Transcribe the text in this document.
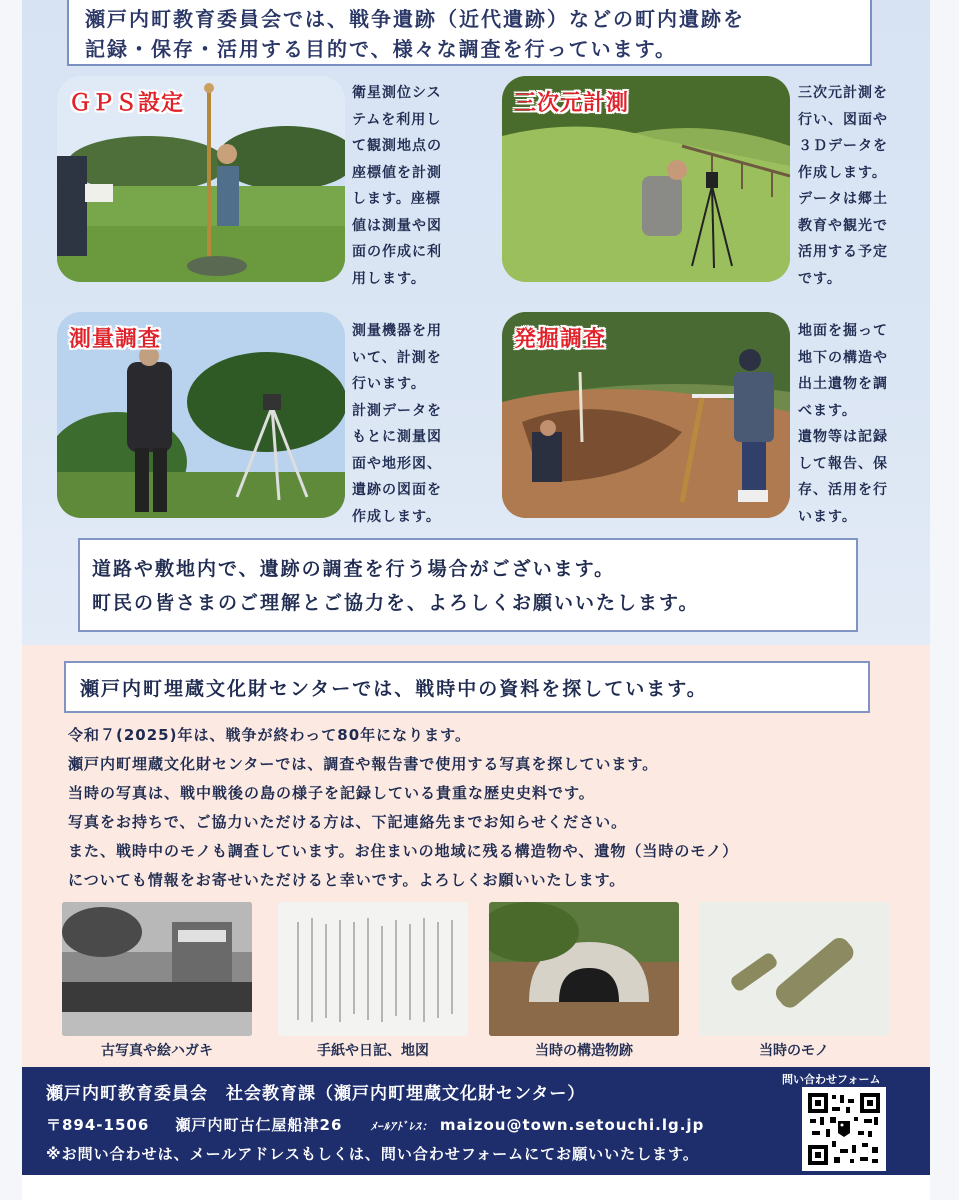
瀬戸内町教育委員会では、戦争遺跡（近代遺跡）などの町内遺跡を

記録・保存・活用する目的で、様々な調査を行っています。

ＧＰＳ設定	衛星測位シス
テムを利用し
て観測地点の
座標値を計測
します。座標
値は測量や図
面の作成に利
用します。
三次元計測	三次元計測を
行い、図面や
３Ｄデータを
作成します。
データは郷土
教育や観光で
活用する予定
です。
測量調査	測量機器を用
いて、計測を
行います。
計測データを
もとに測量図
面や地形図、
遺跡の図面を
作成します。
発掘調査	地面を掘って
地下の構造や
出土遺物を調
べます。
遺物等は記録
して報告、保
存、活用を行
います。

道路や敷地内で、遺跡の調査を行う場合がございます。

町民の皆さまのご理解とご協力を、よろしくお願いいたします。

瀬戸内町埋蔵文化財センターでは、戦時中の資料を探しています。

令和７(2025)年は、戦争が終わって80年になります。

瀬戸内町埋蔵文化財センターでは、調査や報告書で使用する写真を探しています。

当時の写真は、戦中戦後の島の様子を記録している貴重な歴史史料です。

写真をお持ちで、ご協力いただける方は、下記連絡先までお知らせください。

また、戦時中のモノも調査しています。お住まいの地域に残る構造物や、遺物（当時のモノ）

についても情報をお寄せいただけると幸いです。よろしくお願いいたします。

古写真や絵ハガキ	手紙や日記、地図	当時の構造物跡	当時のモノ
瀬戸内町教育委員会　社会教育課（瀬戸内町埋蔵文化財センター）
〒894-1506 瀬戸内町古仁屋船津26	ﾒｰﾙｱﾄﾞﾚｽ： maizou@town.setouchi.lg.jp
※お問い合わせは、メールアドレスもしくは、問い合わせフォームにてお願いいたします。
問い合わせフォーム
